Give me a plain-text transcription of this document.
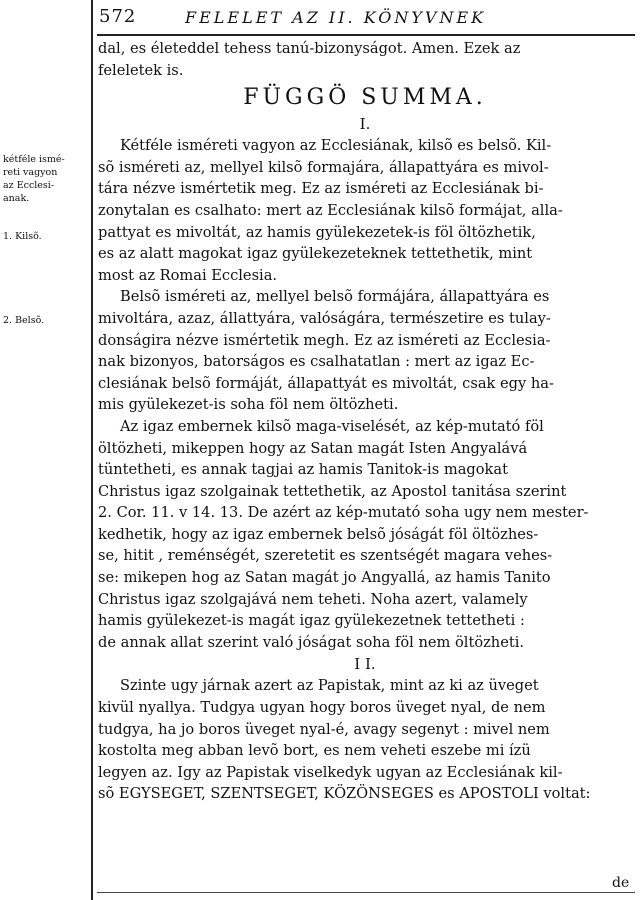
572	FELELET AZ II. KÖNYVNEK
kétféle ismé-
reti vagyon
az Ecclesi-
anak.
1. Kilsõ.
2. Belsõ.
dal, es életeddel tehess tanú-bizonyságot. Amen. Ezek az
feleletek is.
FÜGGÖ SUMMA.
I.
Kétféle isméreti vagyon az Ecclesiának, kilsõ es belsõ. Kil-
sõ isméreti az, mellyel kilsõ formajára, állapattyára es mivol-
tára nézve ismértetik meg. Ez az isméreti az Ecclesiának bi-
zonytalan es csalhato: mert az Ecclesiának kilsõ formájat, alla-
pattyat es mivoltát, az hamis gyülekezetek-is föl öltözhetik,
es az alatt magokat igaz gyülekezeteknek tettethetik, mint
most az Romai Ecclesia.
Belsõ isméreti az, mellyel belsõ formájára, állapattyára es
mivoltára, azaz, állattyára, valóságára, természetire es tulay-
donságira nézve ismértetik megh. Ez az isméreti az Ecclesia-
nak bizonyos, batorságos es csalhatatlan : mert az igaz Ec-
clesiának belsõ formáját, állapattyát es mivoltát, csak egy ha-
mis gyülekezet-is soha föl nem öltözheti.
Az igaz embernek kilsõ maga-viselését, az kép-mutató föl
öltözheti, mikeppen hogy az Satan magát Isten Angyalává
tüntetheti, es annak tagjai az hamis Tanitok-is magokat
Christus igaz szolgainak tettethetik, az Apostol tanitása szerint
2. Cor. 11. v 14. 13. De azért az kép-mutató soha ugy nem mester-
kedhetik, hogy az igaz embernek belsõ jóságát föl öltözhes-
se, hitit , reménségét, szeretetit es szentségét magara vehes-
se: mikepen hog az Satan magát jo Angyallá, az hamis Tanito
Christus igaz szolgajává nem teheti. Noha azert, valamely
hamis gyülekezet-is magát igaz gyülekezetnek tettetheti :
de annak allat szerint való jóságat soha föl nem öltözheti.
I I.
Szinte ugy járnak azert az Papistak, mint az ki az üveget
kivül nyallya. Tudgya ugyan hogy boros üveget nyal, de nem
tudgya, ha jo boros üveget nyal-é, avagy segenyt : mivel nem
kostolta meg abban levõ bort, es nem veheti eszebe mi ízü
legyen az. Igy az Papistak viselkedyk ugyan az Ecclesiának kil-
sõ EGYSEGET, SZENTSEGET, KÖZÖNSEGES es APOSTOLI voltat:
de
